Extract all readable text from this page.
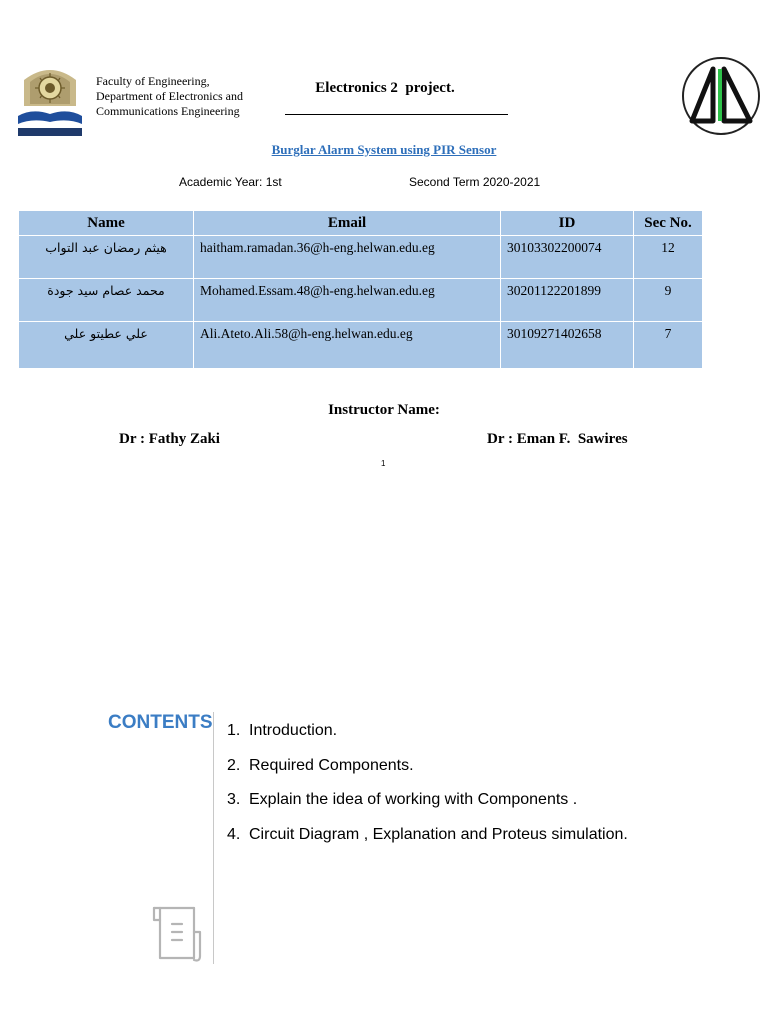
Faculty of Engineering,
Department of Electronics and
Communications Engineering
Electronics 2  project.
Burglar Alarm System using PIR Sensor
Academic Year: 1st	Second Term 2020-2021
Name	Email	ID	Sec No.
هيثم رمضان عبد التواب	haitham.ramadan.36@h-eng.helwan.edu.eg	30103302200074	12
محمد عصام سيد جودة	Mohamed.Essam.48@h-eng.helwan.edu.eg	30201122201899	9
علي عطيتو علي	Ali.Ateto.Ali.58@h-eng.helwan.edu.eg	30109271402658	7
Instructor Name:
Dr : Fathy Zaki	Dr : Eman F.  Sawires
1
CONTENTS 1. Introduction.
2. Required Components.
3. Explain the idea of working with Components .
4. Circuit Diagram , Explanation and Proteus simulation.
